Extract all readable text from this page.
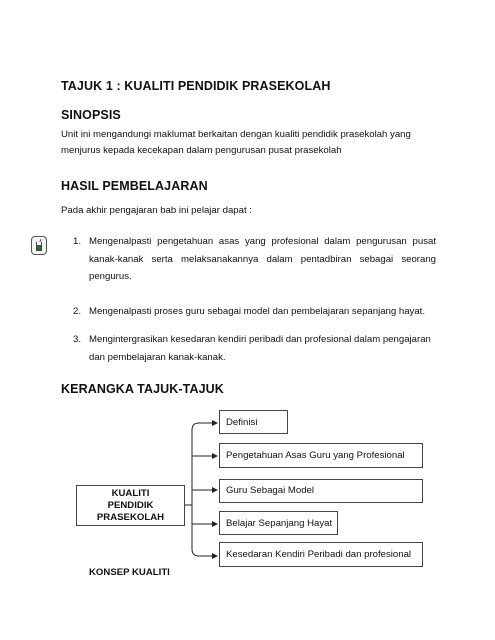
TAJUK 1 : KUALITI PENDIDIK PRASEKOLAH
SINOPSIS
Unit ini mengandungi maklumat berkaitan dengan kualiti pendidik prasekolah yang
menjurus kepada kecekapan dalam pengurusan pusat prasekolah
HASIL PEMBELAJARAN
Pada akhir pengajaran bab ini pelajar dapat :
1. Mengenalpasti pengetahuan asas yang profesional dalam pengurusan pusat
kanak-kanak serta melaksanakannya dalam pentadbiran sebagai seorang
pengurus.
2. Mengenalpasti proses guru sebagai model dan pembelajaran sepanjang hayat.
3. Mengintergrasikan kesedaran kendiri peribadi dan profesional dalam pengajaran
dan pembelajaran kanak-kanak.
KERANGKA TAJUK-TAJUK
KUALITI
PENDIDIK
PRASEKOLAH
Definisi
Pengetahuan Asas Guru yang Profesional
Guru Sebagai Model
Belajar Sepanjang Hayat
Kesedaran Kendiri Peribadi dan profesional
KONSEP KUALITI
